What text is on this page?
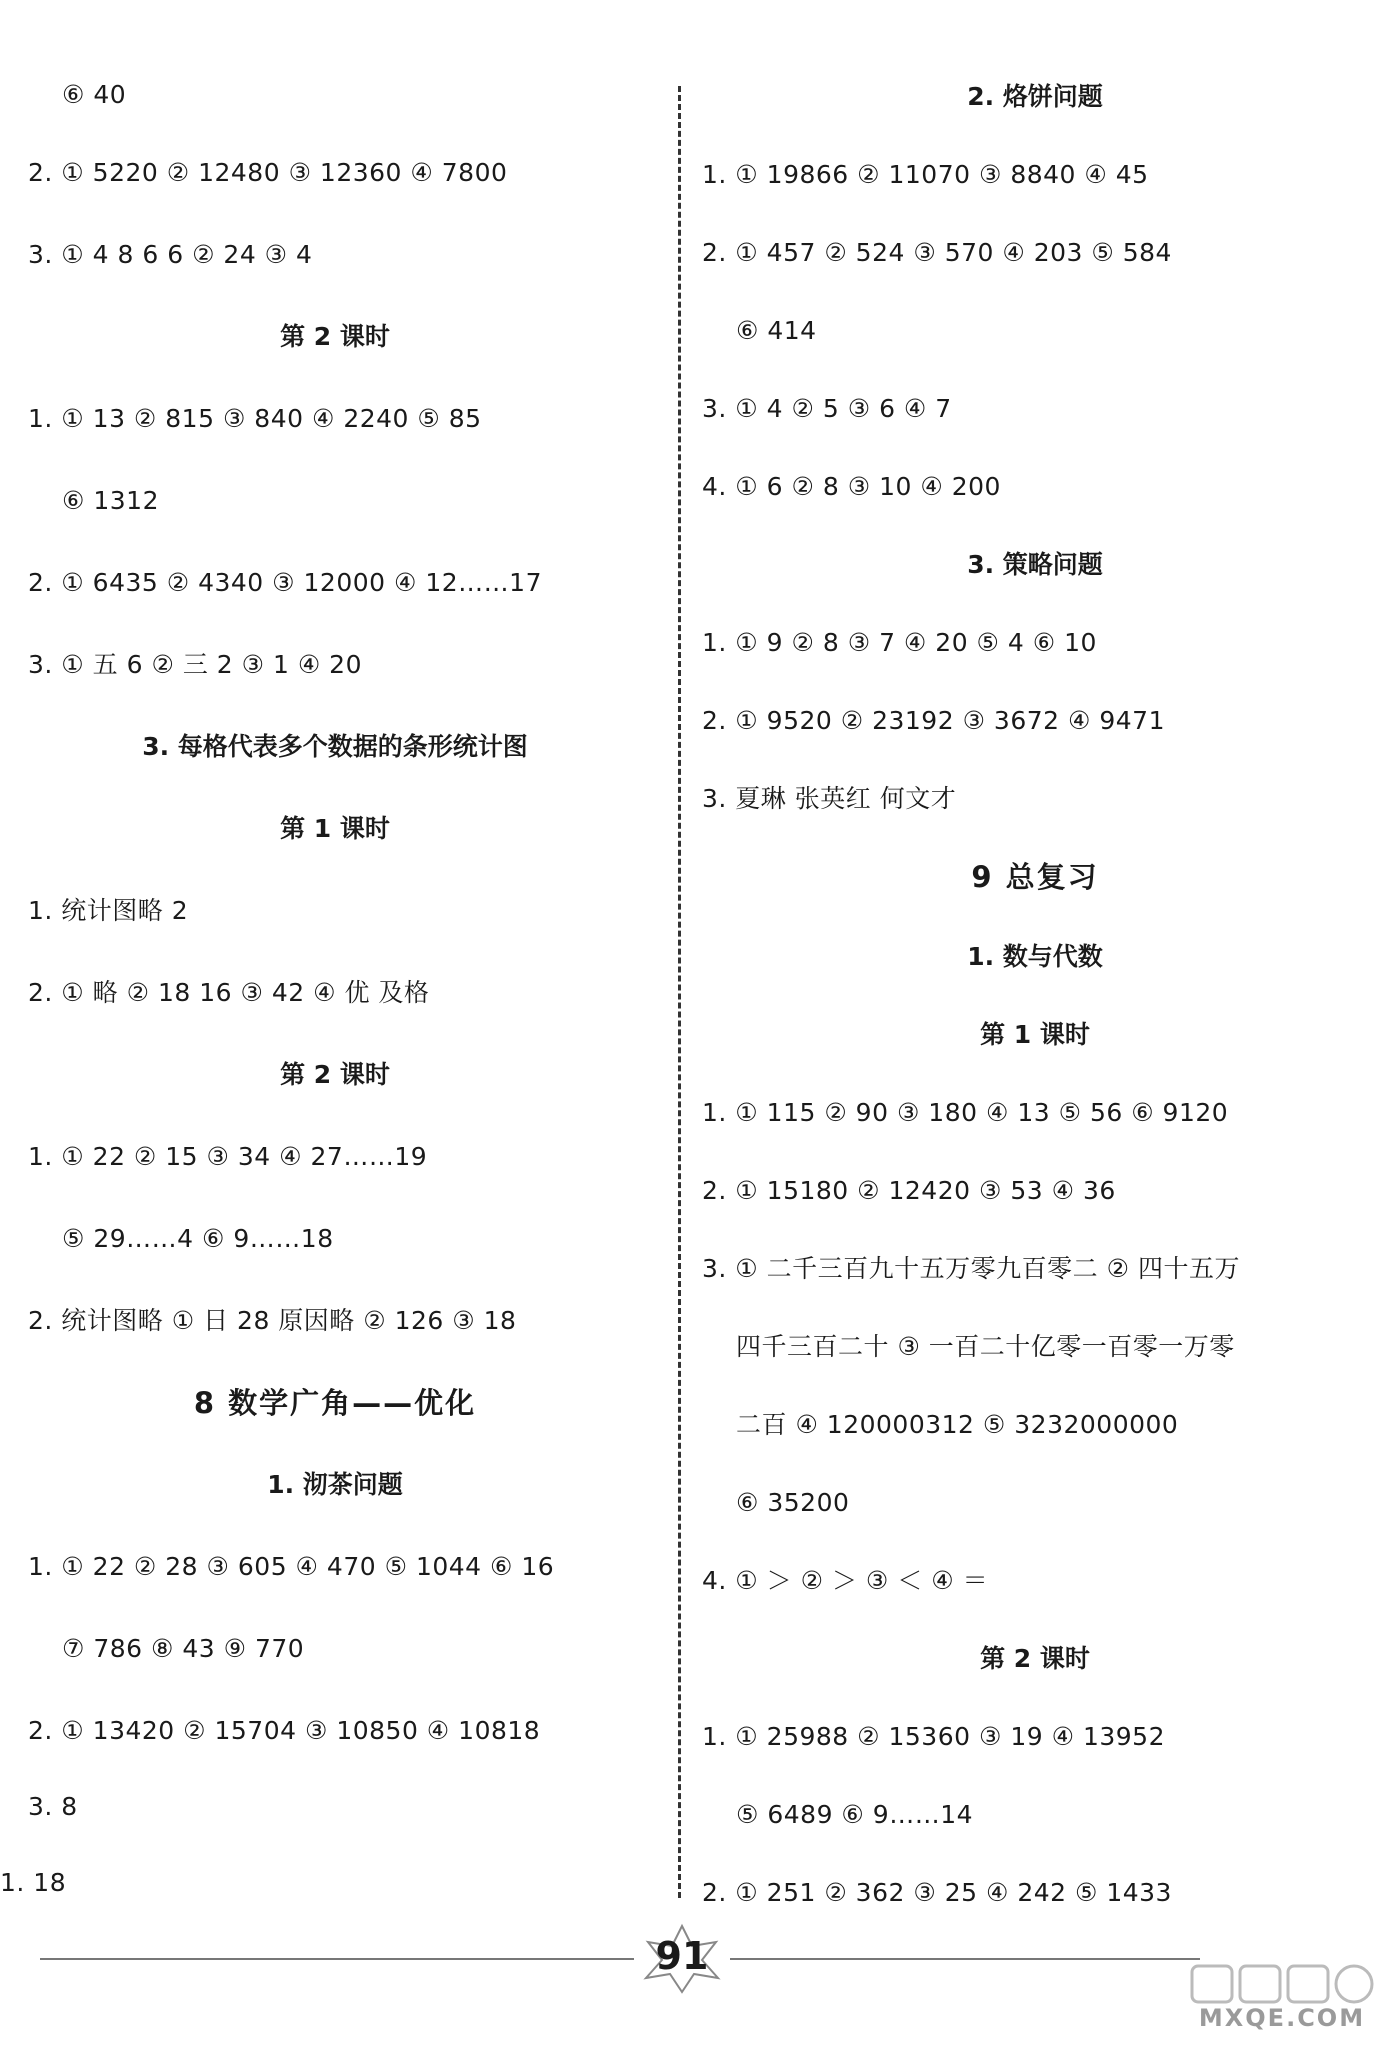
⑥ 40
2. ① 5220 ② 12480 ③ 12360 ④ 7800
3. ① 4 8 6 6 ② 24 ③ 4
第 2 课时
1. ① 13 ② 815 ③ 840 ④ 2240 ⑤ 85
⑥ 1312
2. ① 6435 ② 4340 ③ 12000 ④ 12……17
3. ① 五 6 ② 三 2 ③ 1 ④ 20
3. 每格代表多个数据的条形统计图
第 1 课时
1. 统计图略 2
2. ① 略 ② 18 16 ③ 42 ④ 优 及格
第 2 课时
1. ① 22 ② 15 ③ 34 ④ 27……19
⑤ 29……4 ⑥ 9……18
2. 统计图略 ① 日 28 原因略 ② 126 ③ 18
8 数学广角——优化
1. 沏茶问题
1. ① 22 ② 28 ③ 605 ④ 470 ⑤ 1044 ⑥ 16
⑦ 786 ⑧ 43 ⑨ 770
2. ① 13420 ② 15704 ③ 10850 ④ 10818
3. 8
1. 18
2. 烙饼问题
1. ① 19866 ② 11070 ③ 8840 ④ 45
2. ① 457 ② 524 ③ 570 ④ 203 ⑤ 584
⑥ 414
3. ① 4 ② 5 ③ 6 ④ 7
4. ① 6 ② 8 ③ 10 ④ 200
3. 策略问题
1. ① 9 ② 8 ③ 7 ④ 20 ⑤ 4 ⑥ 10
2. ① 9520 ② 23192 ③ 3672 ④ 9471
3. 夏琳 张英红 何文才
9 总复习
1. 数与代数
第 1 课时
1. ① 115 ② 90 ③ 180 ④ 13 ⑤ 56 ⑥ 9120
2. ① 15180 ② 12420 ③ 53 ④ 36
3. ① 二千三百九十五万零九百零二 ② 四十五万
四千三百二十 ③ 一百二十亿零一百零一万零
二百 ④ 120000312 ⑤ 3232000000
⑥ 35200
4. ① ＞ ② ＞ ③ ＜ ④ ＝
第 2 课时
1. ① 25988 ② 15360 ③ 19 ④ 13952
⑤ 6489 ⑥ 9……14
2. ① 251 ② 362 ③ 25 ④ 242 ⑤ 1433
91
MXQE.COM
